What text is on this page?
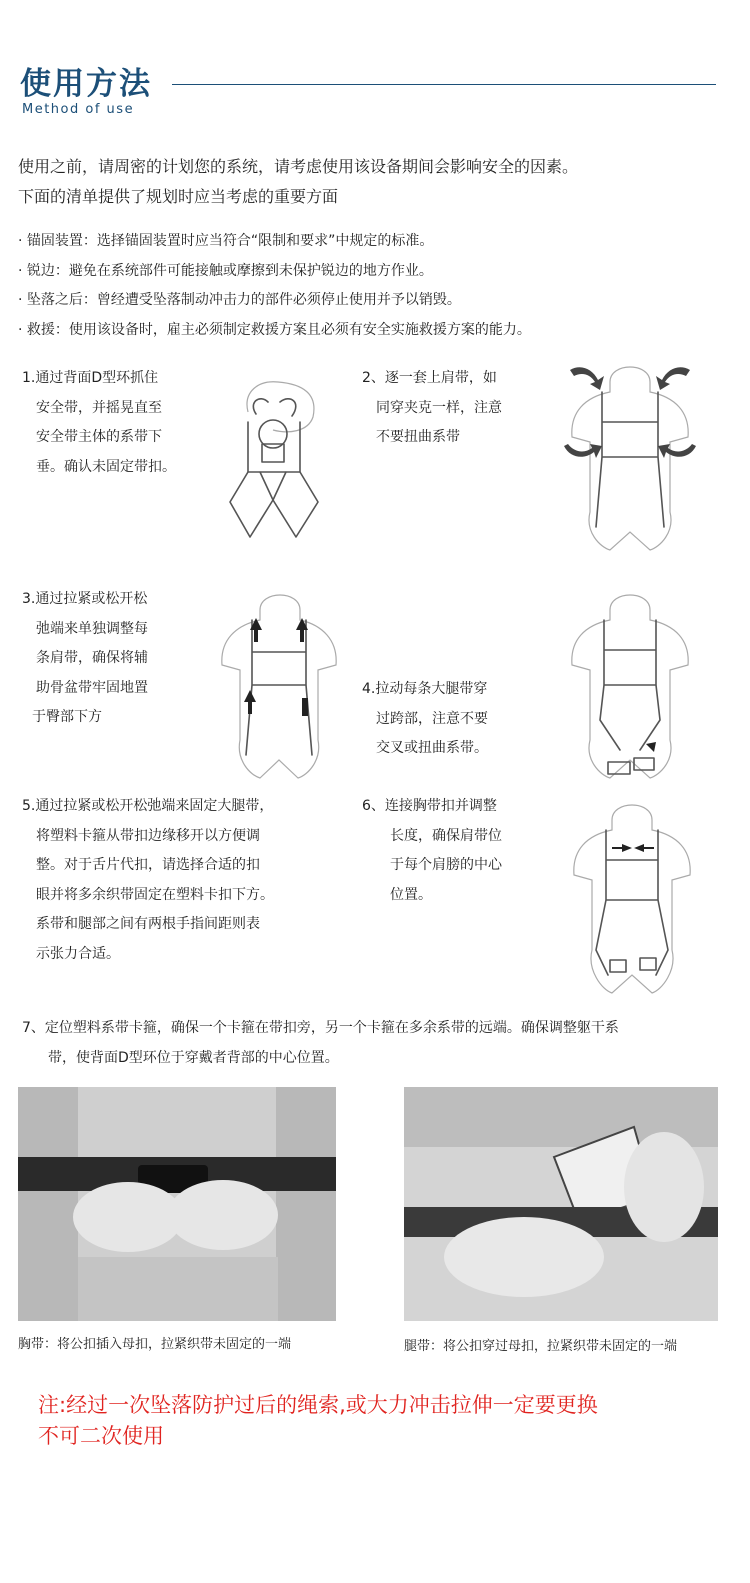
使用方法
Method of use
使用之前，请周密的计划您的系统，请考虑使用该设备期间会影响安全的因素。
下面的清单提供了规划时应当考虑的重要方面
· 锚固装置：选择锚固装置时应当符合“限制和要求”中规定的标准。
· 锐边：避免在系统部件可能接触或摩擦到未保护锐边的地方作业。
· 坠落之后：曾经遭受坠落制动冲击力的部件必须停止使用并予以销毁。
· 救援：使用该设备时，雇主必须制定救援方案且必须有安全实施救援方案的能力。
1.通过背面D型环抓住
安全带，并摇晃直至
安全带主体的系带下
垂。确认未固定带扣。
2、逐一套上肩带，如
同穿夹克一样，注意
不要扭曲系带
3.通过拉紧或松开松
弛端来单独调整每
条肩带，确保将辅
助骨盆带牢固地置
于臀部下方
4.拉动每条大腿带穿
过跨部，注意不要
交叉或扭曲系带。
5.通过拉紧或松开松弛端来固定大腿带，
将塑料卡箍从带扣边缘移开以方便调
整。对于舌片代扣，请选择合适的扣
眼并将多余织带固定在塑料卡扣下方。
系带和腿部之间有两根手指间距则表
示张力合适。
6、连接胸带扣并调整
长度，确保肩带位
于每个肩膀的中心
位置。
7、定位塑料系带卡箍，确保一个卡箍在带扣旁，另一个卡箍在多余系带的远端。确保调整躯干系
带，使背面D型环位于穿戴者背部的中心位置。
胸带：将公扣插入母扣，拉紧织带未固定的一端	腿带：将公扣穿过母扣，拉紧织带未固定的一端
注:经过一次坠落防护过后的绳索,或大力冲击拉伸一定要更换
不可二次使用
